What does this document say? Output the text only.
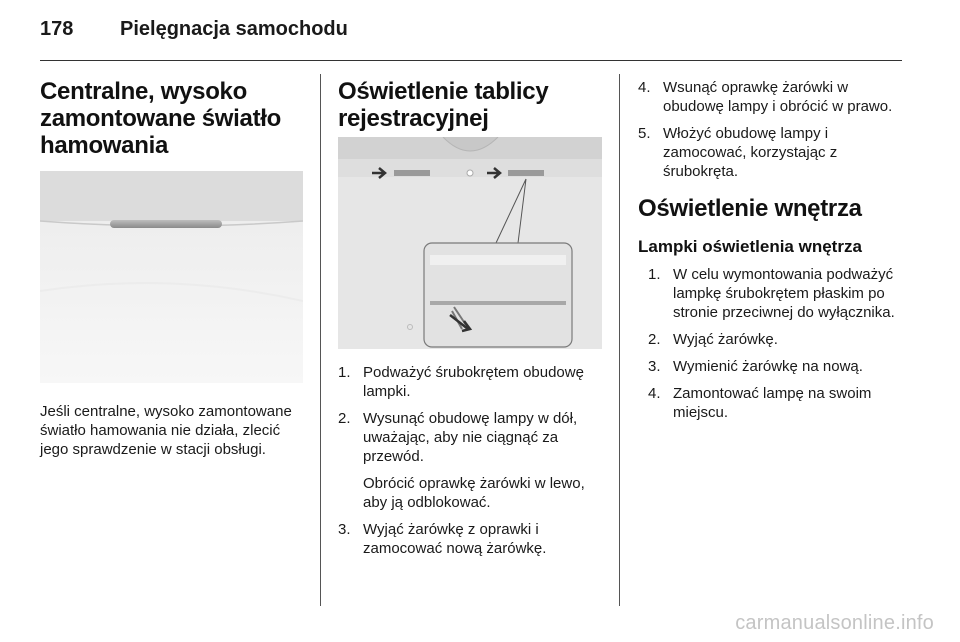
178 Pielęgnacja samochodu
Centralne, wysoko zamontowane światło hamowania

Jeśli centralne, wysoko zamontowane światło hamowania nie działa, zlecić jego sprawdzenie w stacji obsługi.

Oświetlenie tablicy rejestracyjnej
1. Podważyć śrubokrętem obudowę lampki.
2. Wysunąć obudowę lampy w dół, uważając, aby nie ciągnąć za przewód.
Obrócić oprawkę żarówki w lewo, aby ją odblokować.
3. Wyjąć żarówkę z oprawki i zamocować nową żarówkę.
4. Wsunąć oprawkę żarówki w obudowę lampy i obrócić w prawo.
5. Włożyć obudowę lampy i zamocować, korzystając z śrubokręta.
Oświetlenie wnętrza
Lampki oświetlenia wnętrza
1. W celu wymontowania podważyć lampkę śrubokrętem płaskim po stronie przeciwnej do wyłącznika.
2. Wyjąć żarówkę.
3. Wymienić żarówkę na nową.
4. Zamontować lampę na swoim miejscu.
carmanualsonline.info
